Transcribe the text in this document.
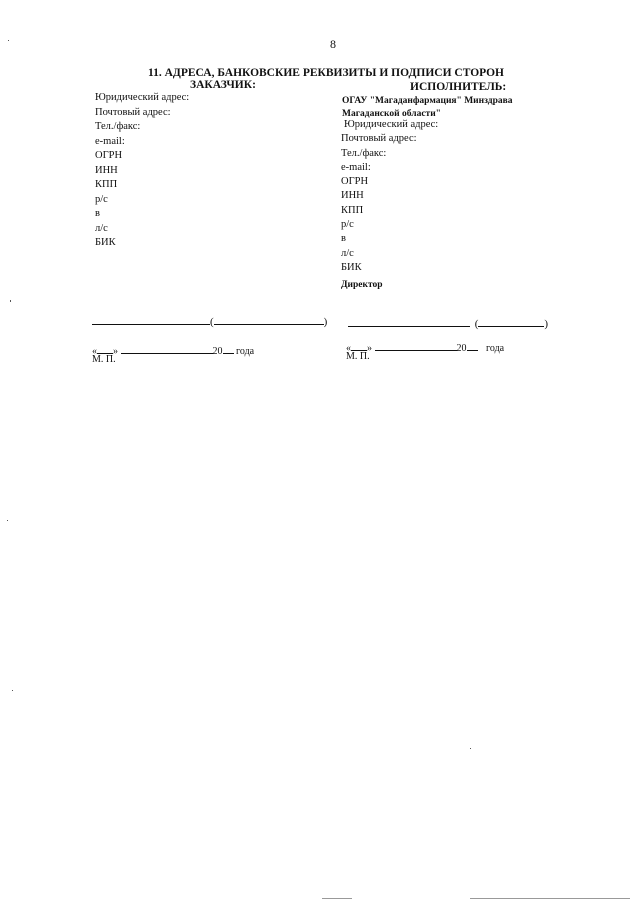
8
11. АДРЕСА, БАНКОВСКИЕ РЕКВИЗИТЫ И ПОДПИСИ СТОРОН
ЗАКАЗЧИК:	ИСПОЛНИТЕЛЬ:
Юридический адрес:
Почтовый адрес:
Тел./факс:
e-mail:
ОГРН
ИНН
КПП
р/с
в
л/с
БИК
ОГАУ "Магаданфармация" Минздрава
Магаданской области"
Юридический адрес:
Почтовый адрес:
Тел./факс:
e-mail:
ОГРН
ИНН
КПП
р/с
в
л/с
БИК
Директор
(	)	(	)
« »	20 года
М. П.
« »	20 года
М. П.
